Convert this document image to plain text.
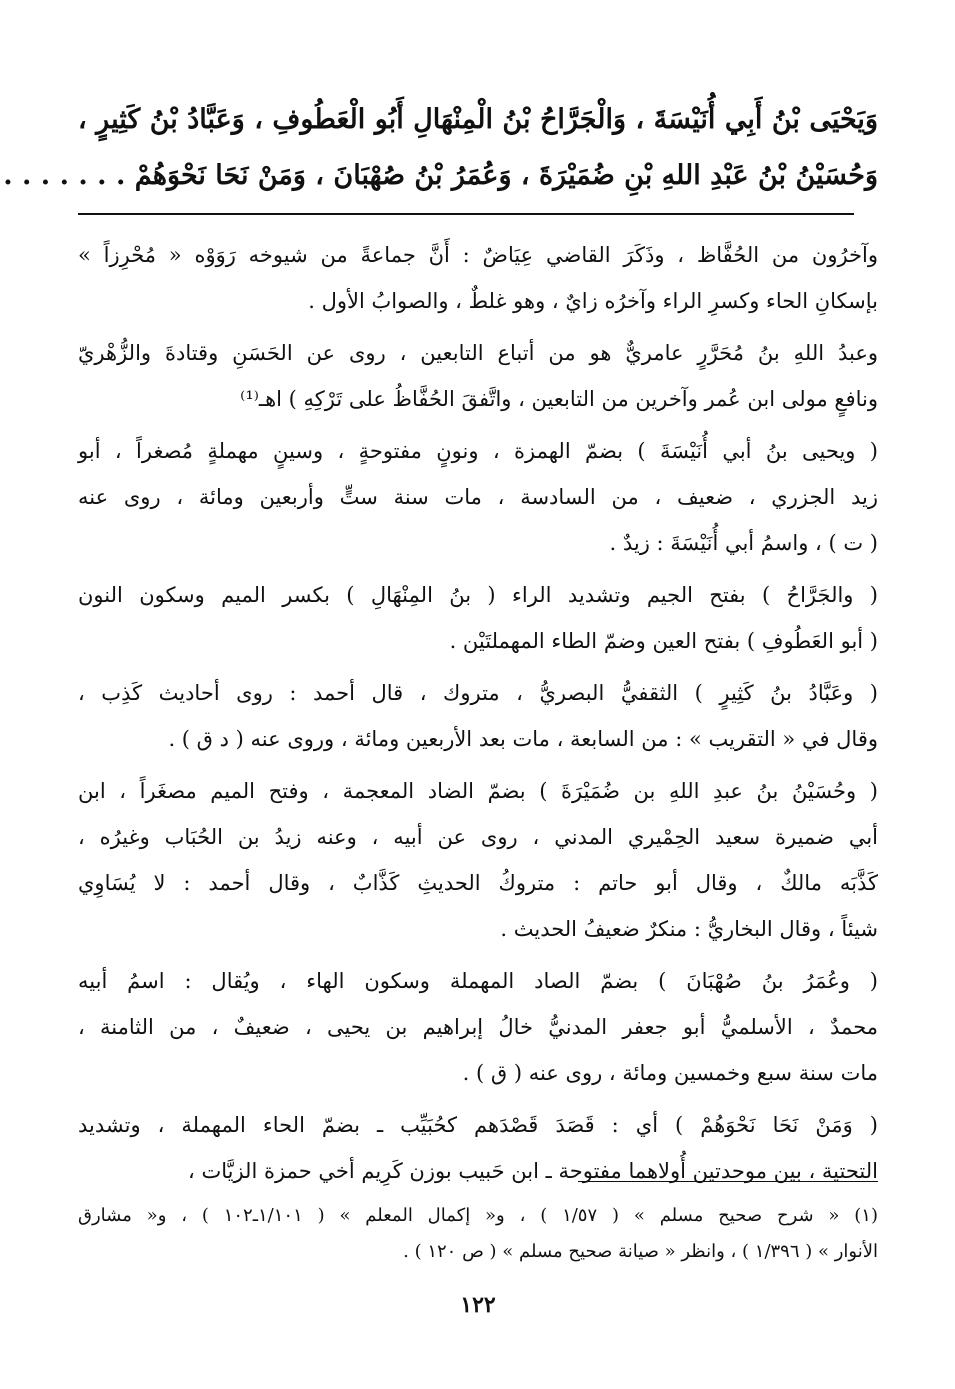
وَيَحْيَى بْنُ أَبِي أُنَيْسَةَ ، وَالْجَرَّاحُ بْنُ الْمِنْهَالِ أَبُو الْعَطُوفِ ، وَعَبَّادُ بْنُ كَثِيرٍ ،
وَحُسَيْنُ بْنُ عَبْدِ اللهِ بْنِ ضُمَيْرَةَ ، وَعُمَرُ بْنُ صُهْبَانَ ، وَمَنْ نَحَا نَحْوَهُمْ . . . . . . .
وآخرُون من الحُفَّاظ ، وذَكَرَ القاضي عِيَاضٌ : أَنَّ جماعةً من شيوخه رَوَوْه « مُحْرِزاً »
بإسكانِ الحاء وكسرِ الراء وآخرُه زايٌ ، وهو غلطٌ ، والصوابُ الأول .
وعبدُ اللهِ بنُ مُحَرَّرٍ عامريٌّ هو من أتباع التابعين ، روى عن الحَسَنِ وقتادةَ والزُّهْريّ
ونافعٍ مولى ابن عُمر وآخرين من التابعين ، واتَّفقَ الحُفَّاظُ على تَرْكِهِ ) اهـ⁽¹⁾
( ويحيى بنُ أبي أُنَيْسَةَ ) بضمّ الهمزة ، ونونٍ مفتوحةٍ ، وسينٍ مهملةٍ مُصغراً ، أبو
زيد الجزري ، ضعيف ، من السادسة ، مات سنة ستٍّ وأربعين ومائة ، روى عنه
( ت ) ، واسمُ أبي أُنَيْسَةَ : زيدٌ .
( والجَرَّاحُ ) بفتح الجيم وتشديد الراء ( بنُ المِنْهَالِ ) بكسر الميم وسكون النون
( أبو العَطُوفِ ) بفتح العين وضمّ الطاء المهملتَيْن .
( وعَبَّادُ بنُ كَثِيرٍ ) الثقفيُّ البصريُّ ، متروك ، قال أحمد : روى أحاديث كَذِب ،
وقال في « التقريب » : من السابعة ، مات بعد الأربعين ومائة ، وروى عنه ( د ق ) .
( وحُسَيْنُ بنُ عبدِ اللهِ بن ضُمَيْرَةَ ) بضمّ الضاد المعجمة ، وفتح الميم مصغَراً ، ابن
أبي ضميرة سعيد الحِمْيري المدني ، روى عن أبيه ، وعنه زيدُ بن الحُبَاب وغيرُه ،
كَذَّبَه مالكٌ ، وقال أبو حاتم : متروكُ الحديثِ كَذَّابٌ ، وقال أحمد : لا يُسَاوِي
شيئاً ، وقال البخاريُّ : منكرٌ ضعيفُ الحديث .
( وعُمَرُ بنُ صُهْبَانَ ) بضمّ الصاد المهملة وسكون الهاء ، ويُقال : اسمُ أبيه
محمدٌ ، الأسلميُّ أبو جعفر المدنيُّ خالُ إبراهيم بن يحيى ، ضعيفٌ ، من الثامنة ،
مات سنة سبع وخمسين ومائة ، روى عنه ( ق ) .
( وَمَنْ نَحَا نَحْوَهُمْ ) أي : قَصَدَ قَصْدَهم كحُبَيِّب ـ بضمّ الحاء المهملة ، وتشديد
التحتية ، بين موحدتين أُولاهما مفتوحة ـ ابن حَبيب بوزن كَرِيم أخي حمزة الزيَّات ،
(١) « شرح صحيح مسلم » ( ١/٥٧ ) ، و« إكمال المعلم » ( ١/١٠١ـ١٠٢ ) ، و« مشارق
الأنوار » ( ١/٣٩٦ ) ، وانظر « صيانة صحيح مسلم » ( ص ١٢٠ ) .
١٢٢
